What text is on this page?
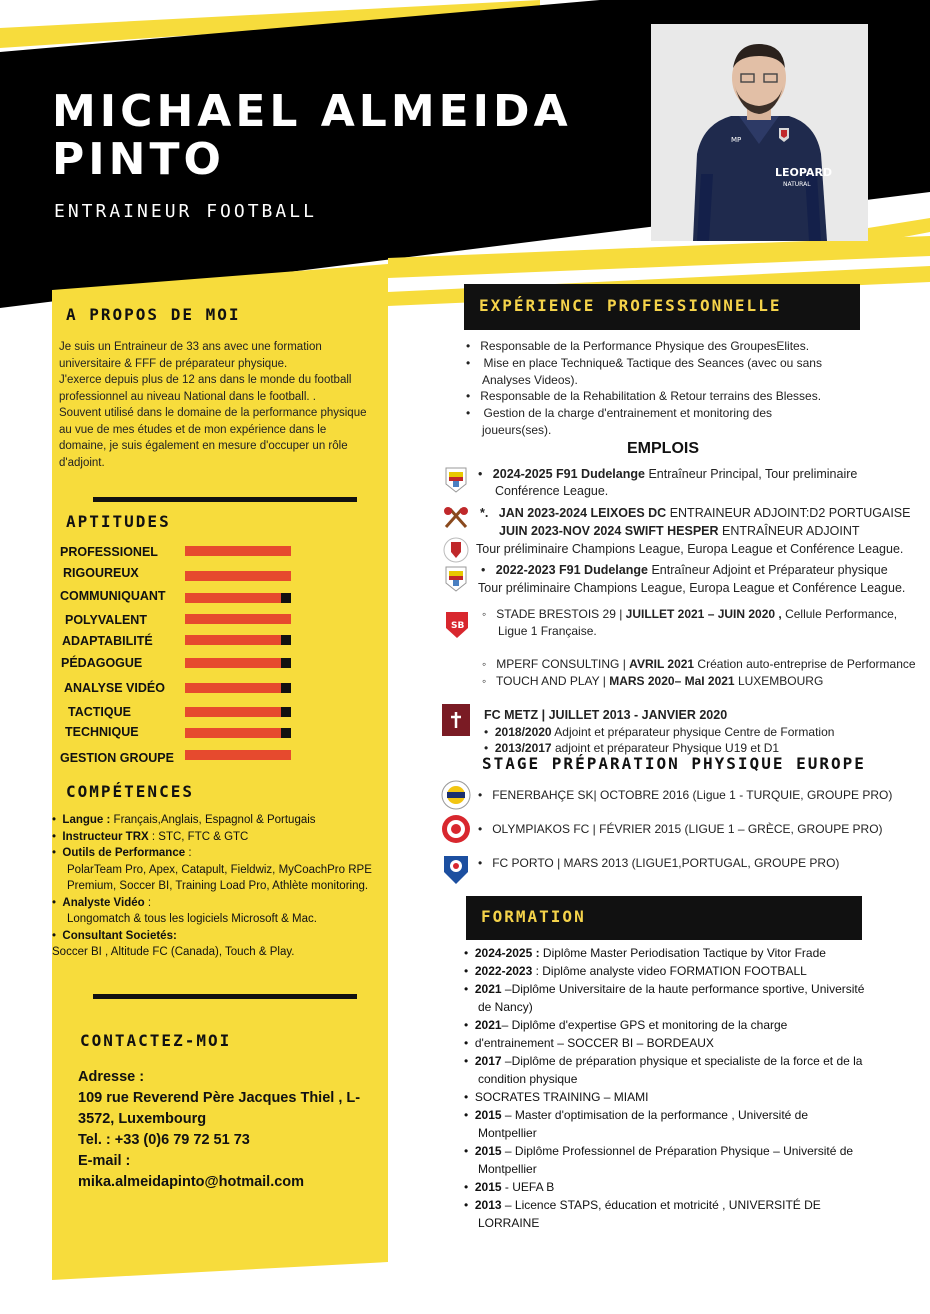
MICHAEL ALMEIDA
PINTO
ENTRAINEUR FOOTBALL
LEOPARD
NATURAL
MP
A PROPOS DE MOI
Je suis un Entraineur de 33 ans avec une formation
universitaire & FFF de préparateur physique.
J'exerce depuis plus de 12 ans dans le monde du football
professionnel au niveau National dans le football. .
Souvent utilisé dans le domaine de la performance physique
au vue de mes études et de mon expérience dans le
domaine, je suis également en mesure d'occuper un rôle
d'adjoint.
APTITUDES
PROFESSIONEL
RIGOUREUX
COMMUNIQUANT
POLYVALENT
ADAPTABILITÉ
PÉDAGOGUE
ANALYSE VIDÉO
TACTIQUE
TECHNIQUE
GESTION GROUPE
COMPÉTENCES
•  Langue : Français,Anglais, Espagnol & Portugais
•  Instructeur TRX : STC, FTC & GTC
•  Outils de Performance :
PolarTeam Pro, Apex, Catapult, Fieldwiz, MyCoachPro RPE
Premium, Soccer BI, Training Load Pro, Athlète monitoring.
•  Analyste Vidéo :
Longomatch & tous les logiciels Microsoft & Mac.
•  Consultant Societés:
Soccer BI , Altitude FC (Canada), Touch & Play.
CONTACTEZ-MOI
Adresse :
109 rue Reverend Père Jacques Thiel , L-
3572, Luxembourg
Tel. : +33 (0)6 79 72 51 73
E-mail :
mika.almeidapinto@hotmail.com
EXPÉRIENCE PROFESSIONNELLE
•   Responsable de la Performance Physique des GroupesElites.
•    Mise en place Technique& Tactique des Seances (avec ou sans
Analyses Videos).
•   Responsable de la Rehabilitation & Retour terrains des Blesses.
•    Gestion de la charge d'entrainement et monitoring des
joueurs(ses).
EMPLOIS
•   2024-2025 F91 Dudelange Entraîneur Principal, Tour preliminaire
Conférence League.
*. JAN 2023-2024 LEIXOES DC ENTRAINEUR ADJOINT:D2 PORTUGAISE
JUIN 2023-NOV 2024 SWIFT HESPER ENTRAÎNEUR ADJOINT
Tour préliminaire Champions League, Europa League et Conférence League.
•   2022-2023 F91 Dudelange Entraîneur Adjoint et Préparateur physique
Tour préliminaire Champions League, Europa League et Conférence League.
SB
◦   STADE BRESTOIS 29 | JUILLET 2021 – JUIN 2020 , Cellule Performance,
Ligue 1 Française.
◦   MPERF CONSULTING | AVRIL 2021 Création auto-entreprise de Performance
◦   TOUCH AND PLAY | MARS 2020– MaI 2021 LUXEMBOURG
FC METZ | JUILLET 2013 - JANVIER 2020
•  2018/2020 Adjoint et préparateur physique Centre de Formation
•  2013/2017 adjoint et préparateur Physique U19 et D1
STAGE PRÉPARATION PHYSIQUE EUROPE
•   FENERBAHÇE SK| OCTOBRE 2016 (Ligue 1 - TURQUIE, GROUPE PRO)
•   OLYMPIAKOS FC | FÉVRIER 2015 (LIGUE 1 – GRÈCE, GROUPE PRO)
•   FC PORTO | MARS 2013 (LIGUE1,PORTUGAL, GROUPE PRO)
FORMATION
•  2024-2025 : Diplôme Master Periodisation Tactique by Vitor Frade
•  2022-2023 : Diplôme analyste video FORMATION FOOTBALL
•  2021 –Diplôme Universitaire de la haute performance sportive, Université
de Nancy)
•  2021– Diplôme d'expertise GPS et monitoring de la charge
•  d'entrainement – SOCCER BI – BORDEAUX
•  2017 –Diplôme de préparation physique et specialiste de la force et de la
condition physique
•  SOCRATES TRAINING – MIAMI
•  2015 – Master d'optimisation de la performance , Université de
Montpellier
•  2015 – Diplôme Professionnel de Préparation Physique – Université de
Montpellier
•  2015 - UEFA B
•  2013 – Licence STAPS, éducation et motricité , UNIVERSITÉ DE
LORRAINE
